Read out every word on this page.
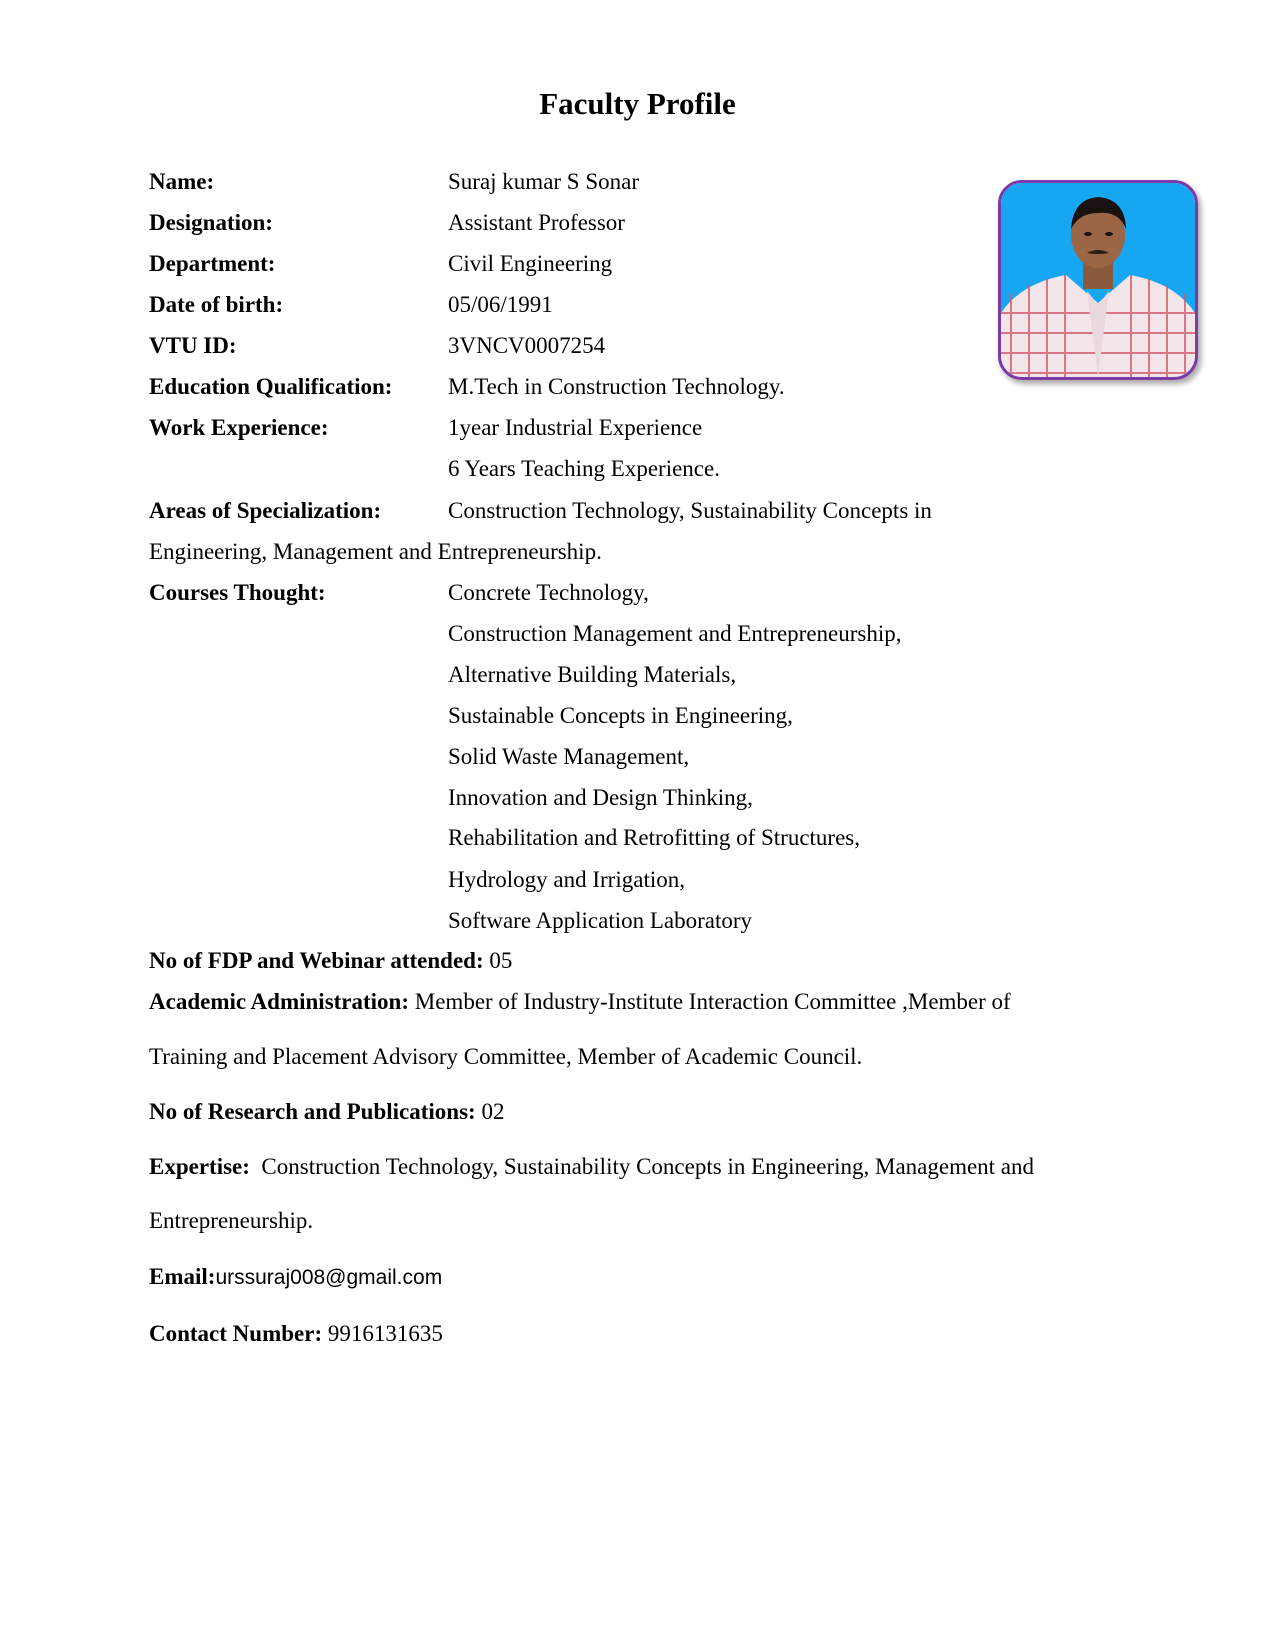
Faculty Profile
Name:	Suraj kumar S Sonar
Designation:	Assistant Professor
Department:	Civil Engineering
Date of birth:	05/06/1991
VTU ID:	3VNCV0007254
Education Qualification: M.Tech in Construction Technology.
Work Experience:	1year Industrial Experience
6 Years Teaching Experience.
Areas of Specialization:	Construction Technology, Sustainability Concepts in
Engineering, Management and Entrepreneurship.
Courses Thought:	Concrete Technology,
Construction Management and Entrepreneurship,
Alternative Building Materials,
Sustainable Concepts in Engineering,
Solid Waste Management,
Innovation and Design Thinking,
Rehabilitation and Retrofitting of Structures,
Hydrology and Irrigation,
Software Application Laboratory
No of FDP and Webinar attended: 05
Academic Administration: Member of Industry-Institute Interaction Committee ,Member of
Training and Placement Advisory Committee, Member of Academic Council.
No of Research and Publications: 02
Expertise: Construction Technology, Sustainability Concepts in Engineering, Management and
Entrepreneurship.
Email:urssuraj008@gmail.com
Contact Number: 9916131635
